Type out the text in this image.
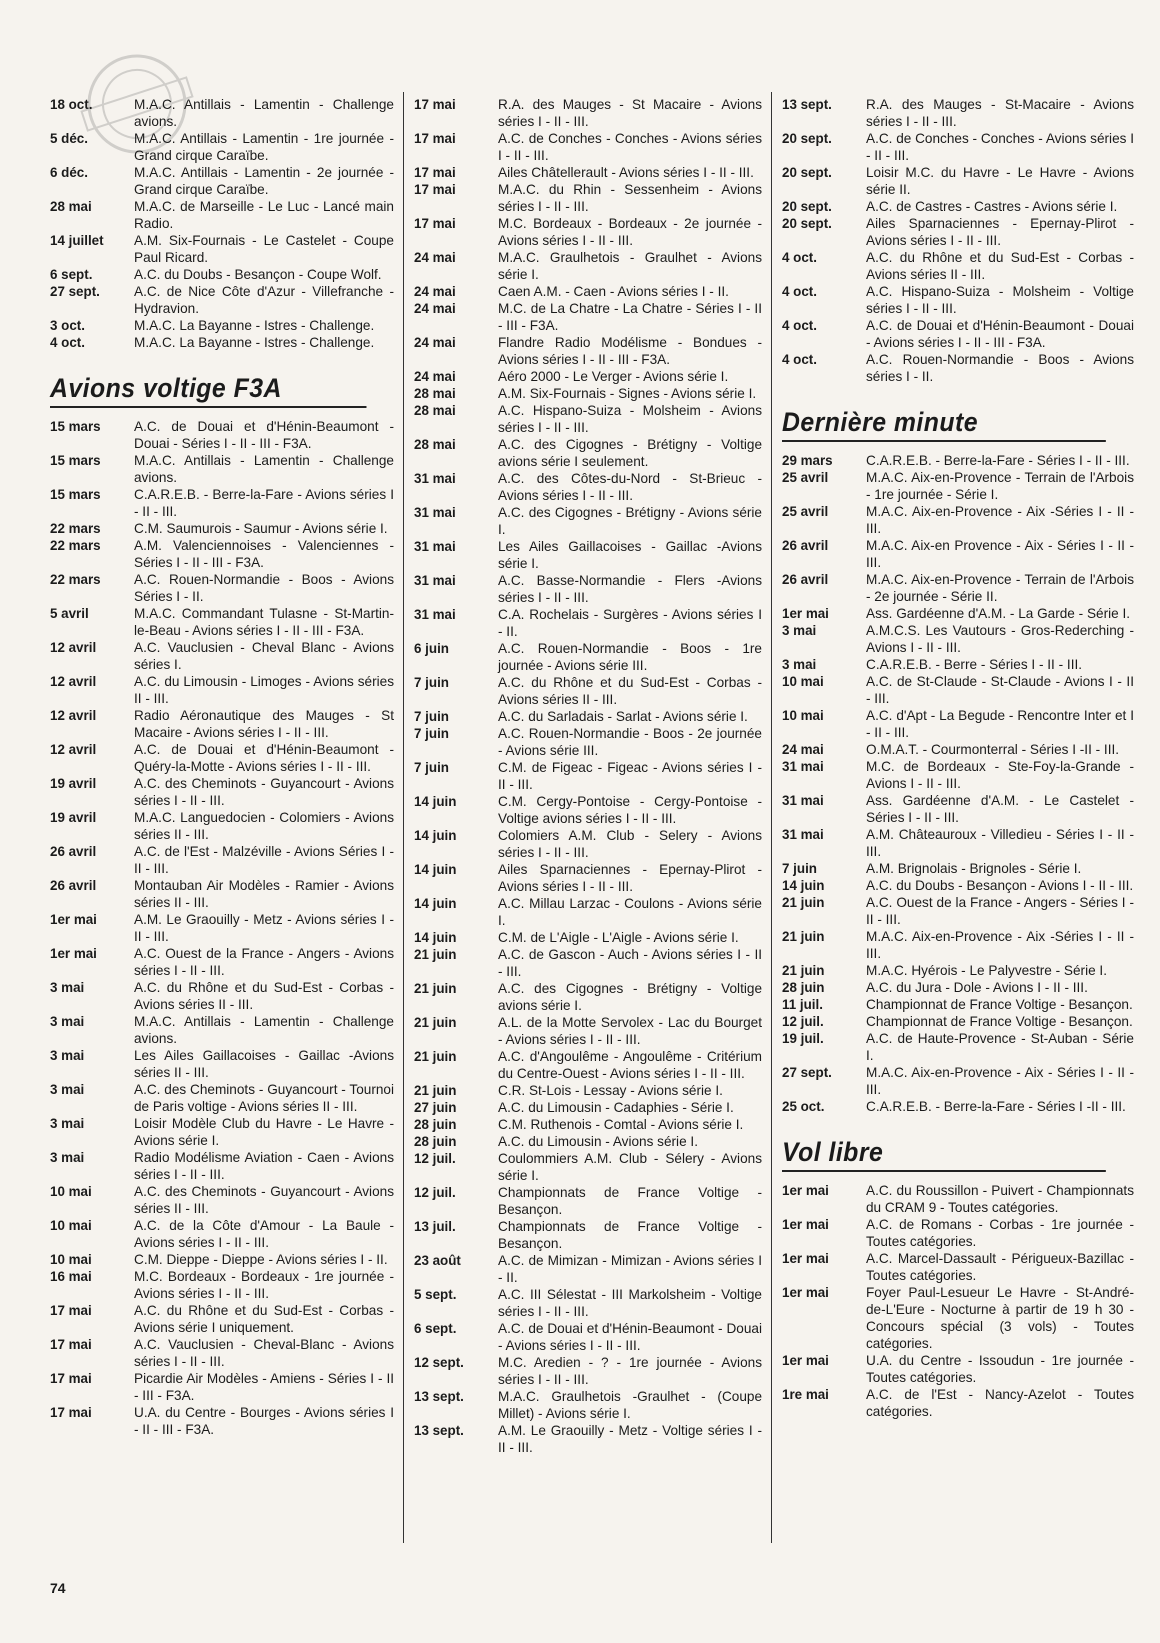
18 oct.	M.A.C. Antillais - Lamentin - Challenge avions.
5 déc.	M.A.C. Antillais - Lamentin - 1re journée - Grand cirque Caraïbe.
6 déc.	M.A.C. Antillais - Lamentin - 2e journée - Grand cirque Caraïbe.
28 mai	M.A.C. de Marseille - Le Luc - Lancé main Radio.
14 juillet	A.M. Six-Fournais - Le Castelet - Coupe Paul Ricard.
6 sept.	A.C. du Doubs - Besançon - Coupe Wolf.
27 sept.	A.C. de Nice Côte d'Azur - Villefranche - Hydravion.
3 oct.	M.A.C. La Bayanne - Istres - Challenge.
4 oct.	M.A.C. La Bayanne - Istres - Challenge.
Avions voltige F3A
15 mars	A.C. de Douai et d'Hénin-Beaumont - Douai - Séries I - II - III - F3A.
15 mars	M.A.C. Antillais - Lamentin - Challenge avions.
15 mars	C.A.R.E.B. - Berre-la-Fare - Avions séries I - II - III.
22 mars	C.M. Saumurois - Saumur - Avions série I.
22 mars	A.M. Valenciennoises - Valenciennes - Séries I - II - III - F3A.
22 mars	A.C. Rouen-Normandie - Boos - Avions Séries I - II.
5 avril	M.A.C. Commandant Tulasne - St-Martin-le-Beau - Avions séries I - II - III - F3A.
12 avril	A.C. Vauclusien - Cheval Blanc - Avions séries I.
12 avril	A.C. du Limousin - Limoges - Avions séries II - III.
12 avril	Radio Aéronautique des Mauges - St Macaire - Avions séries I - II - III.
12 avril	A.C. de Douai et d'Hénin-Beaumont - Quéry-la-Motte - Avions séries I - II - III.
19 avril	A.C. des Cheminots - Guyancourt - Avions séries I - II - III.
19 avril	M.A.C. Languedocien - Colomiers - Avions séries II - III.
26 avril	A.C. de l'Est - Malzéville - Avions Séries I - II - III.
26 avril	Montauban Air Modèles - Ramier - Avions séries II - III.
1er mai	A.M. Le Graouilly - Metz - Avions séries I - II - III.
1er mai	A.C. Ouest de la France - Angers - Avions séries I - II - III.
3 mai	A.C. du Rhône et du Sud-Est - Corbas - Avions séries II - III.
3 mai	M.A.C. Antillais - Lamentin - Challenge avions.
3 mai	Les Ailes Gaillacoises - Gaillac -Avions séries II - III.
3 mai	A.C. des Cheminots - Guyancourt - Tournoi de Paris voltige - Avions séries II - III.
3 mai	Loisir Modèle Club du Havre - Le Havre - Avions série I.
3 mai	Radio Modélisme Aviation - Caen - Avions séries I - II - III.
10 mai	A.C. des Cheminots - Guyancourt - Avions séries II - III.
10 mai	A.C. de la Côte d'Amour - La Baule - Avions séries I - II - III.
10 mai	C.M. Dieppe - Dieppe - Avions séries I - II.
16 mai	M.C. Bordeaux - Bordeaux - 1re journée - Avions séries I - II - III.
17 mai	A.C. du Rhône et du Sud-Est - Corbas - Avions série I uniquement.
17 mai	A.C. Vauclusien - Cheval-Blanc - Avions séries I - II - III.
17 mai	Picardie Air Modèles - Amiens - Séries I - II - III - F3A.
17 mai	U.A. du Centre - Bourges - Avions séries I - II - III - F3A.
17 mai	R.A. des Mauges - St Macaire - Avions séries I - II - III.
17 mai	A.C. de Conches - Conches - Avions séries I - II - III.
17 mai	Ailes Châtellerault - Avions séries I - II - III.
17 mai	M.A.C. du Rhin - Sessenheim - Avions séries I - II - III.
17 mai	M.C. Bordeaux - Bordeaux - 2e journée - Avions séries I - II - III.
24 mai	M.A.C. Graulhetois - Graulhet - Avions série I.
24 mai	Caen A.M. - Caen - Avions séries I - II.
24 mai	M.C. de La Chatre - La Chatre - Séries I - II - III - F3A.
24 mai	Flandre Radio Modélisme - Bondues - Avions séries I - II - III - F3A.
24 mai	Aéro 2000 - Le Verger - Avions série I.
28 mai	A.M. Six-Fournais - Signes - Avions série I.
28 mai	A.C. Hispano-Suiza - Molsheim - Avions séries I - II - III.
28 mai	A.C. des Cigognes - Brétigny - Voltige avions série I seulement.
31 mai	A.C. des Côtes-du-Nord - St-Brieuc - Avions séries I - II - III.
31 mai	A.C. des Cigognes - Brétigny - Avions série I.
31 mai	Les Ailes Gaillacoises - Gaillac -Avions série I.
31 mai	A.C. Basse-Normandie - Flers -Avions séries I - II - III.
31 mai	C.A. Rochelais - Surgères - Avions séries I - II.
6 juin	A.C. Rouen-Normandie - Boos - 1re journée - Avions série III.
7 juin	A.C. du Rhône et du Sud-Est - Corbas - Avions séries II - III.
7 juin	A.C. du Sarladais - Sarlat - Avions série I.
7 juin	A.C. Rouen-Normandie - Boos - 2e journée - Avions série III.
7 juin	C.M. de Figeac - Figeac - Avions séries I - II - III.
14 juin	C.M. Cergy-Pontoise - Cergy-Pontoise - Voltige avions séries I - II - III.
14 juin	Colomiers A.M. Club - Selery - Avions séries I - II - III.
14 juin	Ailes Sparnaciennes - Epernay-Plirot - Avions séries I - II - III.
14 juin	A.C. Millau Larzac - Coulons - Avions série I.
14 juin	C.M. de L'Aigle - L'Aigle - Avions série I.
21 juin	A.C. de Gascon - Auch - Avions séries I - II - III.
21 juin	A.C. des Cigognes - Brétigny - Voltige avions série I.
21 juin	A.L. de la Motte Servolex - Lac du Bourget - Avions séries I - II - III.
21 juin	A.C. d'Angoulême - Angoulême - Critérium du Centre-Ouest - Avions séries I - II - III.
21 juin	C.R. St-Lois - Lessay - Avions série I.
27 juin	A.C. du Limousin - Cadaphies - Série I.
28 juin	C.M. Ruthenois - Comtal - Avions série I.
28 juin	A.C. du Limousin - Avions série I.
12 juil.	Coulommiers A.M. Club - Sélery - Avions série I.
12 juil.	Championnats de France Voltige - Besançon.
13 juil.	Championnats de France Voltige - Besançon.
23 août	A.C. de Mimizan - Mimizan - Avions séries I - II.
5 sept.	A.C. III Sélestat - III Markolsheim - Voltige séries I - II - III.
6 sept.	A.C. de Douai et d'Hénin-Beaumont - Douai - Avions séries I - II - III.
12 sept.	M.C. Aredien - ? - 1re journée - Avions séries I - II - III.
13 sept.	M.A.C. Graulhetois -Graulhet - (Coupe Millet) - Avions série I.
13 sept.	A.M. Le Graouilly - Metz - Voltige séries I - II - III.
13 sept.	R.A. des Mauges - St-Macaire - Avions séries I - II - III.
20 sept.	A.C. de Conches - Conches - Avions séries I - II - III.
20 sept.	Loisir M.C. du Havre - Le Havre - Avions série II.
20 sept.	A.C. de Castres - Castres - Avions série I.
20 sept.	Ailes Sparnaciennes - Epernay-Plirot - Avions séries I - II - III.
4 oct.	A.C. du Rhône et du Sud-Est - Corbas - Avions séries II - III.
4 oct.	A.C. Hispano-Suiza - Molsheim - Voltige séries I - II - III.
4 oct.	A.C. de Douai et d'Hénin-Beaumont - Douai - Avions séries I - II - III - F3A.
4 oct.	A.C. Rouen-Normandie - Boos - Avions séries I - II.
Dernière minute
29 mars	C.A.R.E.B. - Berre-la-Fare - Séries I - II - III.
25 avril	M.A.C. Aix-en-Provence - Terrain de l'Arbois - 1re journée - Série I.
25 avril	M.A.C. Aix-en-Provence - Aix -Séries I - II - III.
26 avril	M.A.C. Aix-en Provence - Aix - Séries I - II - III.
26 avril	M.A.C. Aix-en-Provence - Terrain de l'Arbois - 2e journée - Série II.
1er mai	Ass. Gardéenne d'A.M. - La Garde - Série I.
3 mai	A.M.C.S. Les Vautours - Gros-Rederching - Avions I - II - III.
3 mai	C.A.R.E.B. - Berre - Séries I - II - III.
10 mai	A.C. de St-Claude - St-Claude - Avions I - II - III.
10 mai	A.C. d'Apt - La Begude - Rencontre Inter et I - II - III.
24 mai	O.M.A.T. - Courmonterral - Séries I -II - III.
31 mai	M.C. de Bordeaux - Ste-Foy-la-Grande - Avions I - II - III.
31 mai	Ass. Gardéenne d'A.M. - Le Castelet - Séries I - II - III.
31 mai	A.M. Châteauroux - Villedieu - Séries I - II - III.
7 juin	A.M. Brignolais - Brignoles - Série I.
14 juin	A.C. du Doubs - Besançon - Avions I - II - III.
21 juin	A.C. Ouest de la France - Angers - Séries I - II - III.
21 juin	M.A.C. Aix-en-Provence - Aix -Séries I - II - III.
21 juin	M.A.C. Hyérois - Le Palyvestre - Série I.
28 juin	A.C. du Jura - Dole - Avions I - II - III.
11 juil.	Championnat de France Voltige - Besançon.
12 juil.	Championnat de France Voltige - Besançon.
19 juil.	A.C. de Haute-Provence - St-Auban - Série I.
27 sept.	M.A.C. Aix-en-Provence - Aix - Séries I - II - III.
25 oct.	C.A.R.E.B. - Berre-la-Fare - Séries I -II - III.
Vol libre
1er mai	A.C. du Roussillon - Puivert - Championnats du CRAM 9 - Toutes catégories.
1er mai	A.C. de Romans - Corbas - 1re journée - Toutes catégories.
1er mai	A.C. Marcel-Dassault - Périgueux-Bazillac - Toutes catégories.
1er mai	Foyer Paul-Lesueur Le Havre - St-André-de-L'Eure - Nocturne à partir de 19 h 30 - Concours spécial (3 vols) - Toutes catégories.
1er mai	U.A. du Centre - Issoudun - 1re journée - Toutes catégories.
1re mai	A.C. de l'Est - Nancy-Azelot - Toutes catégories.
74
